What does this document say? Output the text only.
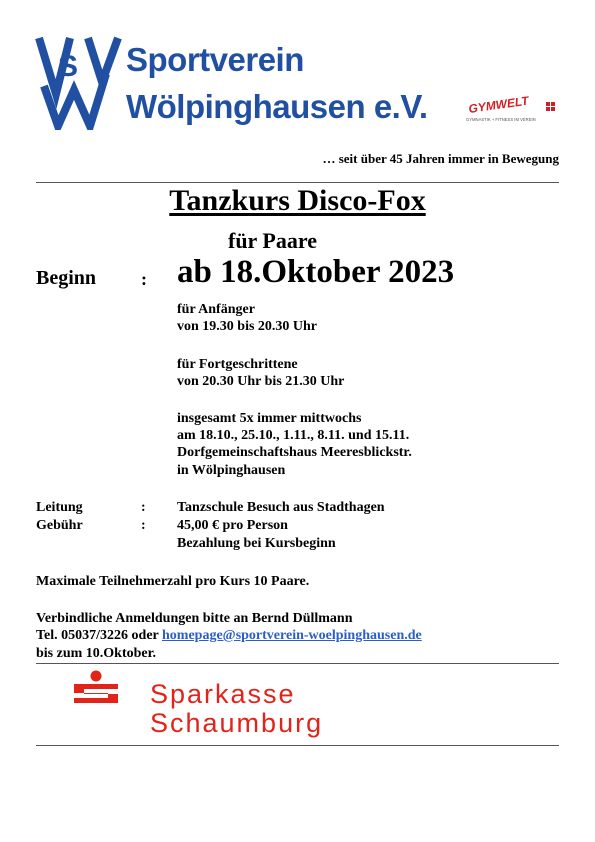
S Sportverein
Wölpinghausen e.V.	GYMWELT
GYMNASTIK + FITNESS IM VEREIN
… seit über 45 Jahren immer in Bewegung
Tanzkurs Disco-Fox
für Paare
Beginn : ab 18.Oktober 2023
für Anfänger
von 19.30 bis 20.30 Uhr
für Fortgeschrittene
von 20.30 Uhr bis 21.30 Uhr
insgesamt 5x immer mittwochs
am 18.10., 25.10., 1.11., 8.11. und 15.11.
Dorfgemeinschaftshaus Meeresblickstr.
in Wölpinghausen
Leitung	: Tanzschule Besuch aus Stadthagen
Gebühr	: 45,00 € pro Person
Bezahlung bei Kursbeginn
Maximale Teilnehmerzahl pro Kurs 10 Paare.
Verbindliche Anmeldungen bitte an Bernd Düllmann
Tel. 05037/3226 oder homepage@sportverein-woelpinghausen.de
bis zum 10.Oktober.
Sparkasse
Schaumburg
